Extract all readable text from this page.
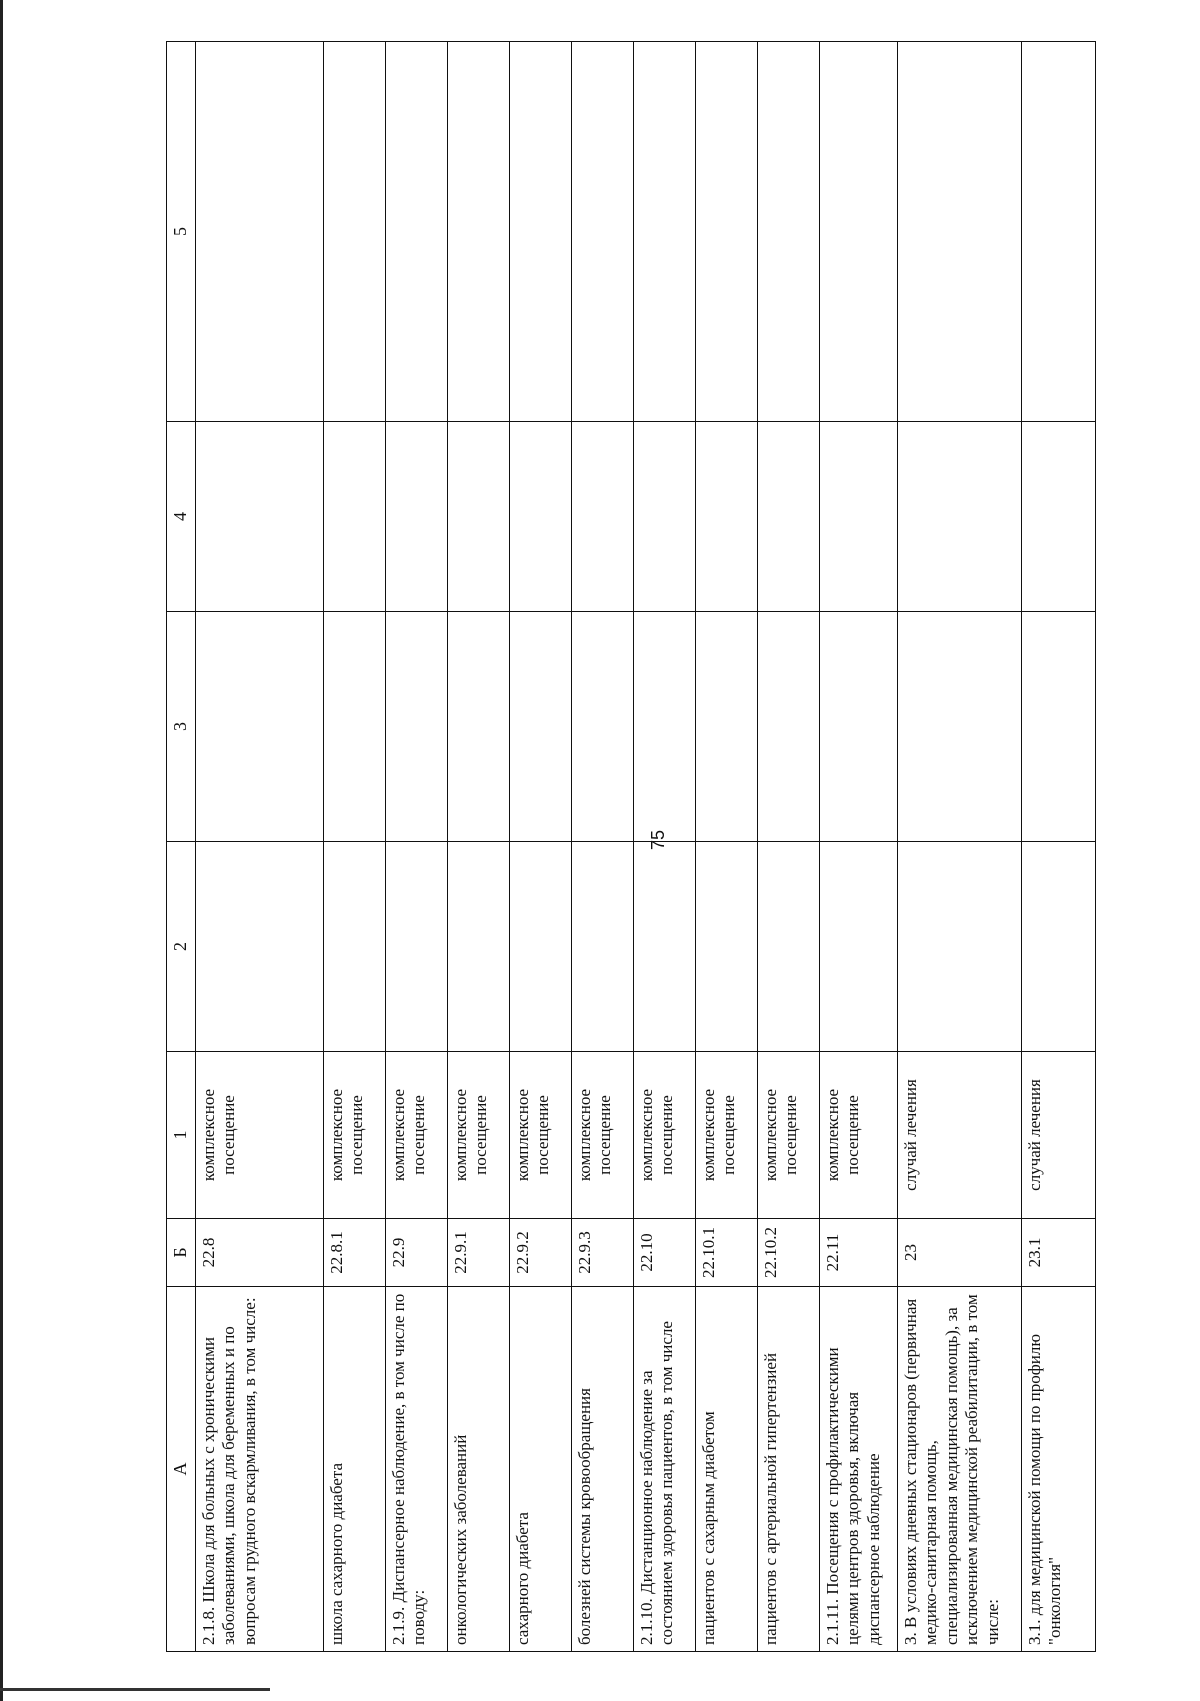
75
А	Б	1	2	3	4	5
2.1.8. Школа для больных с хроническими заболеваниями, школа для беременных и по вопросам грудного вскармливания, в том числе:	22.8	комплексное посещение				
школа сахарного диабета	22.8.1	комплексное посещение				
2.1.9. Диспансерное наблюдение, в том числе по поводу:	22.9	комплексное посещение				
онкологических заболеваний	22.9.1	комплексное посещение				
сахарного диабета	22.9.2	комплексное посещение				
болезней системы кровообращения	22.9.3	комплексное посещение				
2.1.10. Дистанционное наблюдение за состоянием здоровья пациентов, в том числе	22.10	комплексное посещение				
пациентов с сахарным диабетом	22.10.1	комплексное посещение				
пациентов с артериальной гипертензией	22.10.2	комплексное посещение				
2.1.11. Посещения с профилактическими целями центров здоровья, включая диспансерное наблюдение	22.11	комплексное посещение				
3. В условиях дневных стационаров (первичная медико-санитарная помощь, специализированная медицинская помощь), за исключением медицинской реабилитации, в том числе:	23	случай лечения				
3.1. для медицинской помощи по профилю "онкология"	23.1	случай лечения				
